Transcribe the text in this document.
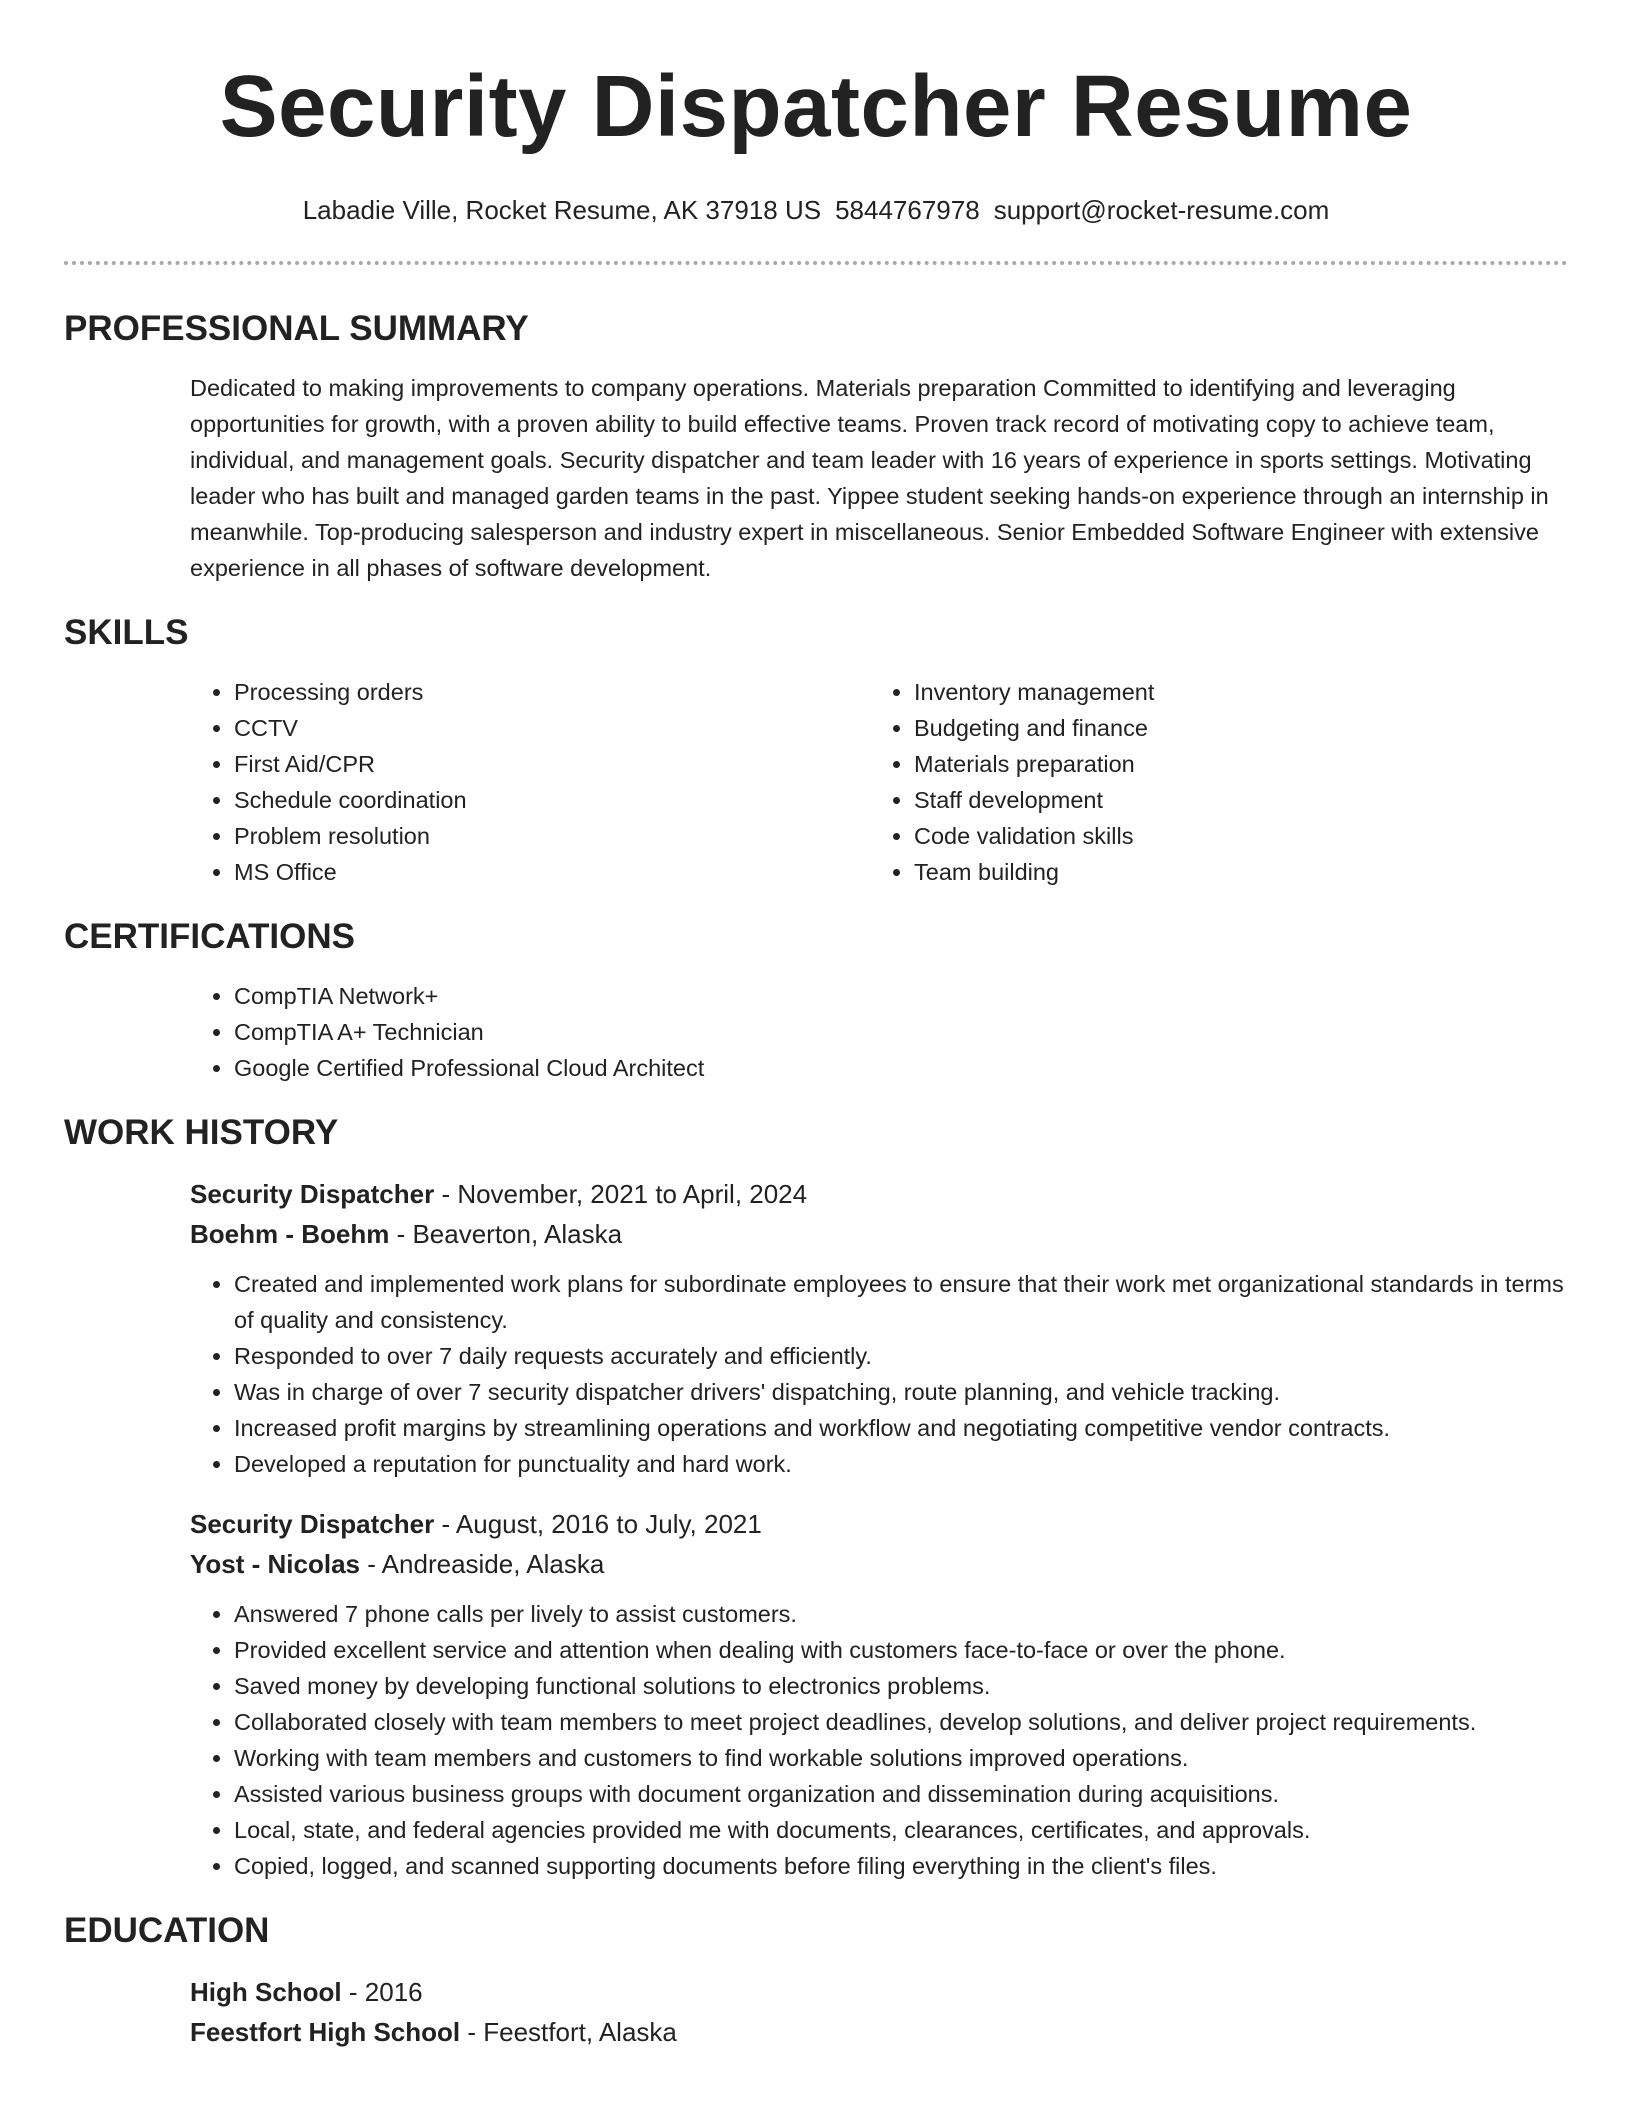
Security Dispatcher Resume
Labadie Ville, Rocket Resume, AK 37918 US 5844767978 support@rocket-resume.com
PROFESSIONAL SUMMARY

Dedicated to making improvements to company operations. Materials preparation Committed to identifying and leveraging opportunities for growth, with a proven ability to build effective teams. Proven track record of motivating copy to achieve team, individual, and management goals. Security dispatcher and team leader with 16 years of experience in sports settings. Motivating leader who has built and managed garden teams in the past. Yippee student seeking hands-on experience through an internship in meanwhile. Top-producing salesperson and industry expert in miscellaneous. Senior Embedded Software Engineer with extensive experience in all phases of software development.

SKILLS
• Processing orders
• CCTV
• First Aid/CPR
• Schedule coordination
• Problem resolution
• MS Office
• Inventory management
• Budgeting and finance
• Materials preparation
• Staff development
• Code validation skills
• Team building
CERTIFICATIONS
• CompTIA Network+
• CompTIA A+ Technician
• Google Certified Professional Cloud Architect
WORK HISTORY
Security Dispatcher - November, 2021 to April, 2024
Boehm - Boehm - Beaverton, Alaska
• Created and implemented work plans for subordinate employees to ensure that their work met organizational standards in terms of quality and consistency.
• Responded to over 7 daily requests accurately and efficiently.
• Was in charge of over 7 security dispatcher drivers' dispatching, route planning, and vehicle tracking.
• Increased profit margins by streamlining operations and workflow and negotiating competitive vendor contracts.
• Developed a reputation for punctuality and hard work.
Security Dispatcher - August, 2016 to July, 2021
Yost - Nicolas - Andreaside, Alaska
• Answered 7 phone calls per lively to assist customers.
• Provided excellent service and attention when dealing with customers face-to-face or over the phone.
• Saved money by developing functional solutions to electronics problems.
• Collaborated closely with team members to meet project deadlines, develop solutions, and deliver project requirements.
• Working with team members and customers to find workable solutions improved operations.
• Assisted various business groups with document organization and dissemination during acquisitions.
• Local, state, and federal agencies provided me with documents, clearances, certificates, and approvals.
• Copied, logged, and scanned supporting documents before filing everything in the client's files.
EDUCATION
High School - 2016
Feestfort High School - Feestfort, Alaska
